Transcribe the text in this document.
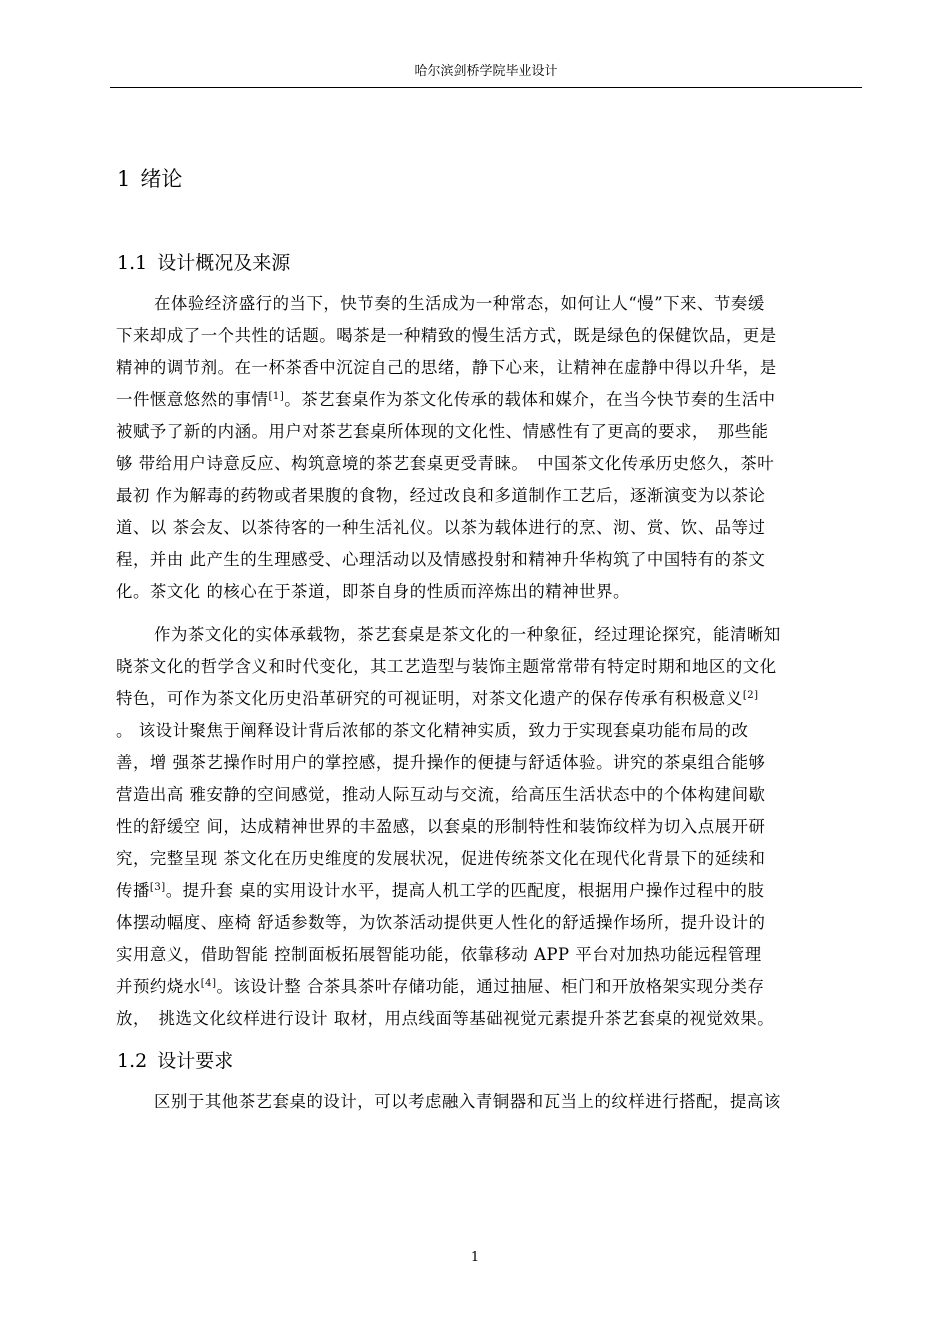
哈尔滨剑桥学院毕业设计
1 绪论
1.1 设计概况及来源
在体验经济盛行的当下，快节奏的生活成为一种常态，如何让人“慢”下来、节奏缓
下来却成了一个共性的话题。喝茶是一种精致的慢生活方式，既是绿色的保健饮品，更是
精神的调节剂。在一杯茶香中沉淀自己的思绪，静下心来，让精神在虚静中得以升华，是
一件惬意悠然的事情[1]。茶艺套桌作为茶文化传承的载体和媒介，在当今快节奏的生活中
被赋予了新的内涵。用户对茶艺套桌所体现的文化性、情感性有了更高的要求，　那些能
够 带给用户诗意反应、构筑意境的茶艺套桌更受青睐。　中国茶文化传承历史悠久，茶叶
最初 作为解毒的药物或者果腹的食物，经过改良和多道制作工艺后，逐渐演变为以茶论
道、以 茶会友、以茶待客的一种生活礼仪。以茶为载体进行的烹、沏、赏、饮、品等过
程，并由 此产生的生理感受、心理活动以及情感投射和精神升华构筑了中国特有的茶文
化。茶文化 的核心在于茶道，即茶自身的性质而淬炼出的精神世界。
作为茶文化的实体承载物，茶艺套桌是茶文化的一种象征，经过理论探究，能清晰知
晓茶文化的哲学含义和时代变化，其工艺造型与装饰主题常常带有特定时期和地区的文化
特色，可作为茶文化历史沿革研究的可视证明，对茶文化遗产的保存传承有积极意义[2]
。 该设计聚焦于阐释设计背后浓郁的茶文化精神实质，致力于实现套桌功能布局的改
善，增 强茶艺操作时用户的掌控感，提升操作的便捷与舒适体验。讲究的茶桌组合能够
营造出高 雅安静的空间感觉，推动人际互动与交流，给高压生活状态中的个体构建间歇
性的舒缓空 间，达成精神世界的丰盈感，以套桌的形制特性和装饰纹样为切入点展开研
究，完整呈现 茶文化在历史维度的发展状况，促进传统茶文化在现代化背景下的延续和
传播[3]。提升套 桌的实用设计水平，提高人机工学的匹配度，根据用户操作过程中的肢
体摆动幅度、座椅 舒适参数等，为饮茶活动提供更人性化的舒适操作场所，提升设计的
实用意义，借助智能 控制面板拓展智能功能，依靠移动 APP 平台对加热功能远程管理
并预约烧水[4]。该设计整 合茶具茶叶存储功能，通过抽屉、柜门和开放格架实现分类存
放，　挑选文化纹样进行设计 取材，用点线面等基础视觉元素提升茶艺套桌的视觉效果。
1.2 设计要求
区别于其他茶艺套桌的设计，可以考虑融入青铜器和瓦当上的纹样进行搭配，提高该
1
